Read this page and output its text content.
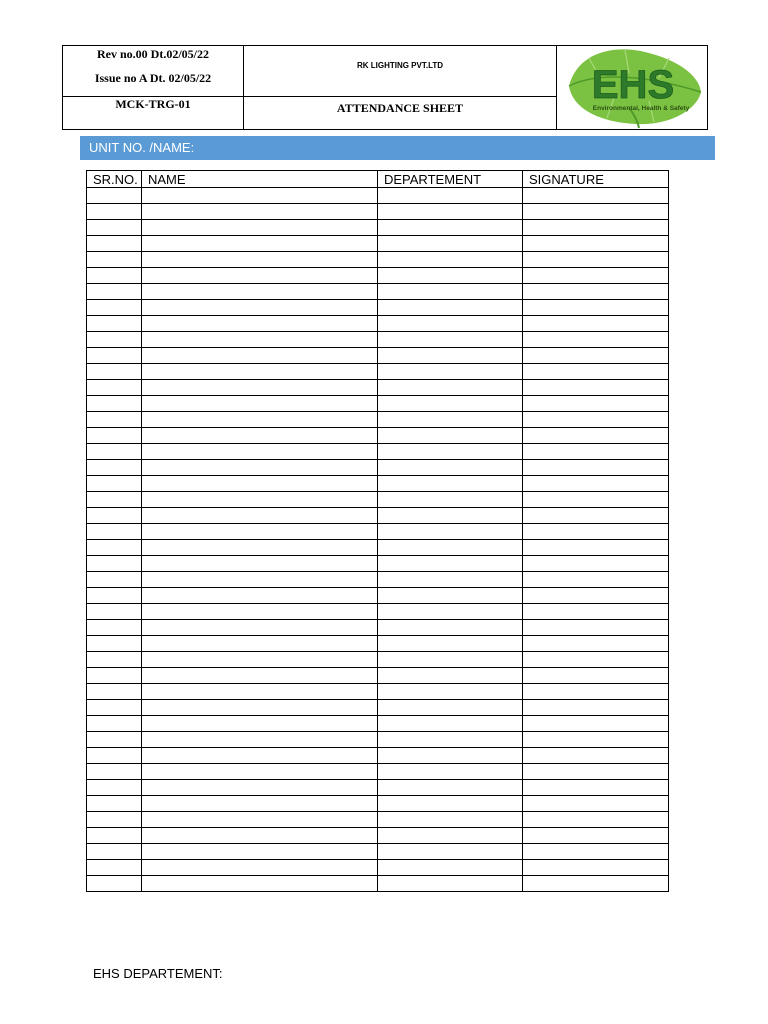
Rev no.00 Dt.02/05/22
Issue no A Dt. 02/05/22
MCK-TRG-01
RK LIGHTING PVT.LTD
ATTENDANCE SHEET
EHS
Environmental, Health & Safety
UNIT NO. /NAME:
SR.NO.	NAME	DEPARTEMENT	SIGNATURE

EHS DEPARTEMENT:
